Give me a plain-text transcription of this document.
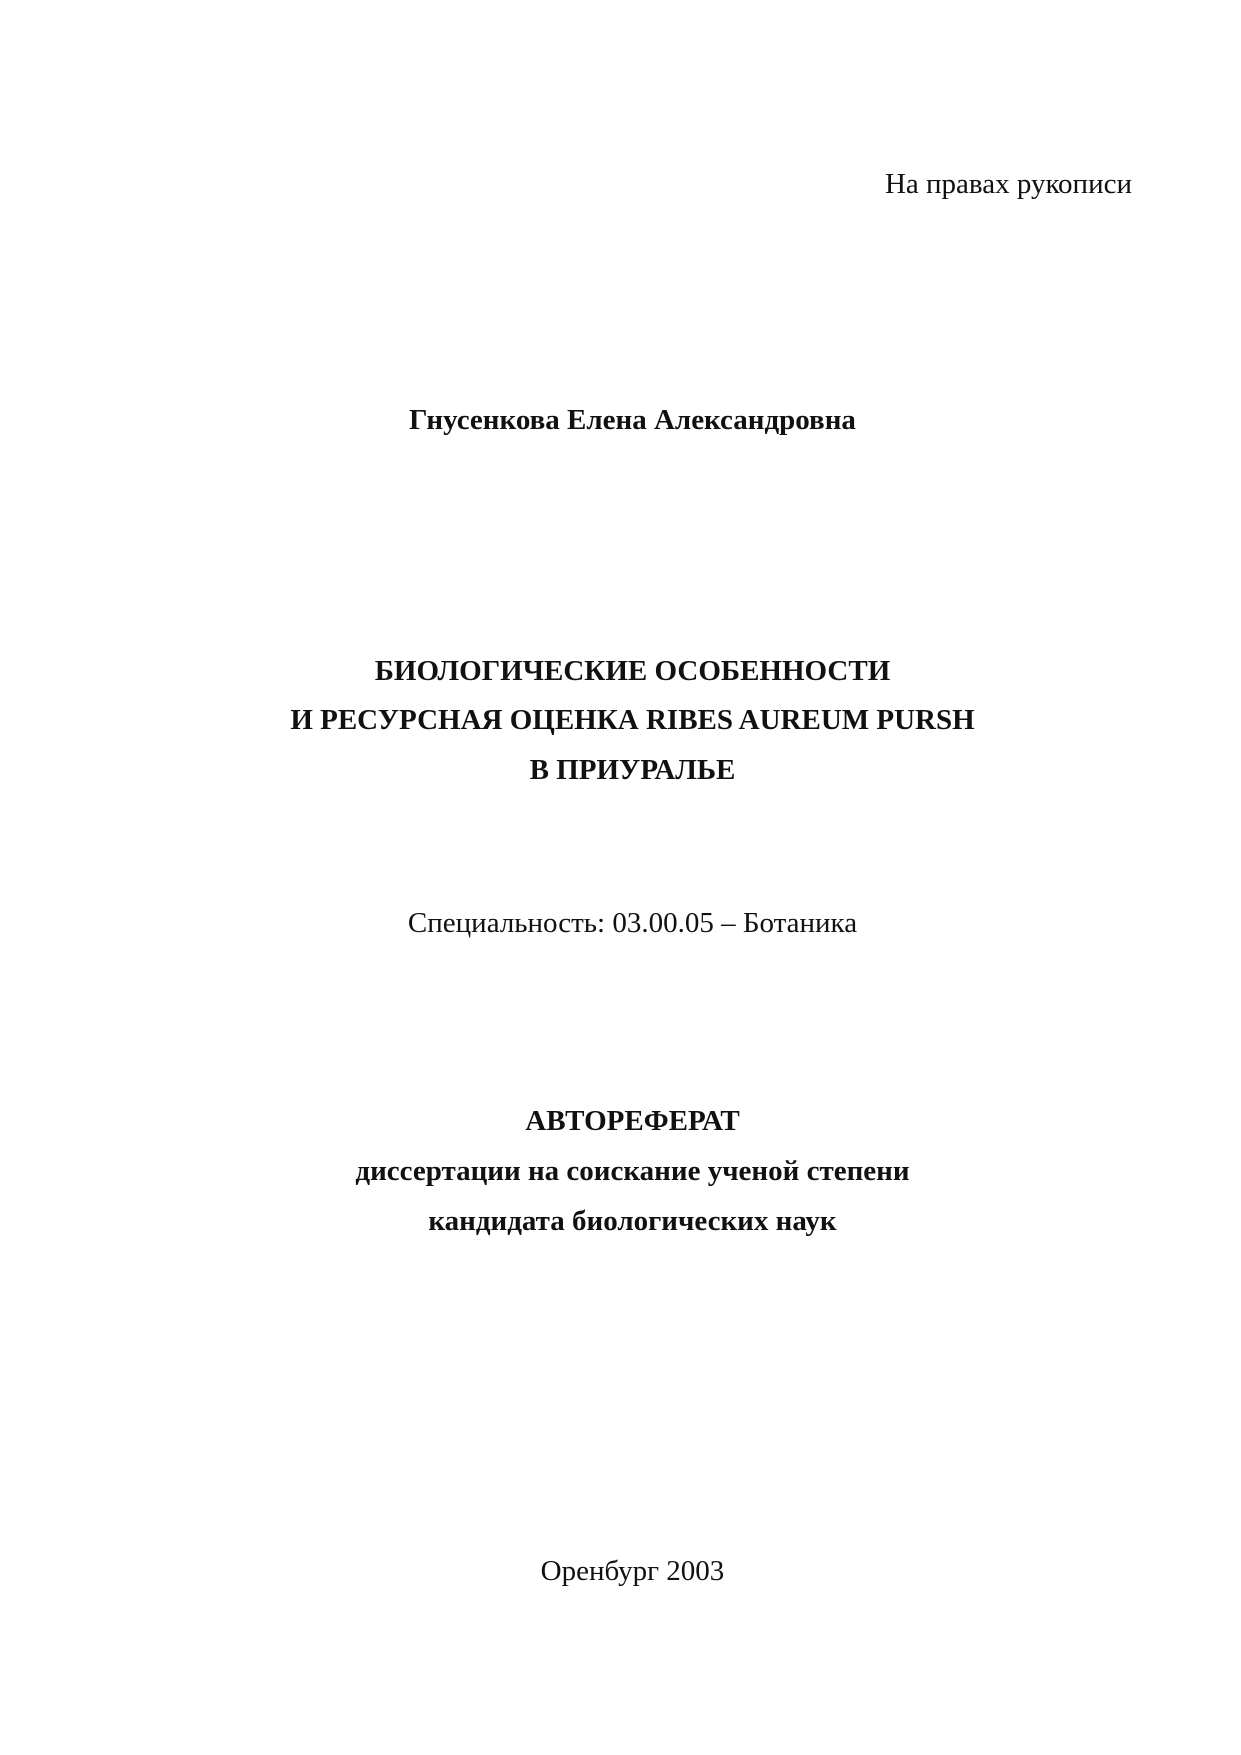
На правах рукописи
Гнусенкова Елена Александровна
БИОЛОГИЧЕСКИЕ ОСОБЕННОСТИ
И РЕСУРСНАЯ ОЦЕНКА RIBES AUREUM PURSH
В ПРИУРАЛЬЕ
Специальность: 03.00.05 – Ботаника
АВТОРЕФЕРАТ
диссертации на соискание ученой степени
кандидата биологических наук
Оренбург 2003
